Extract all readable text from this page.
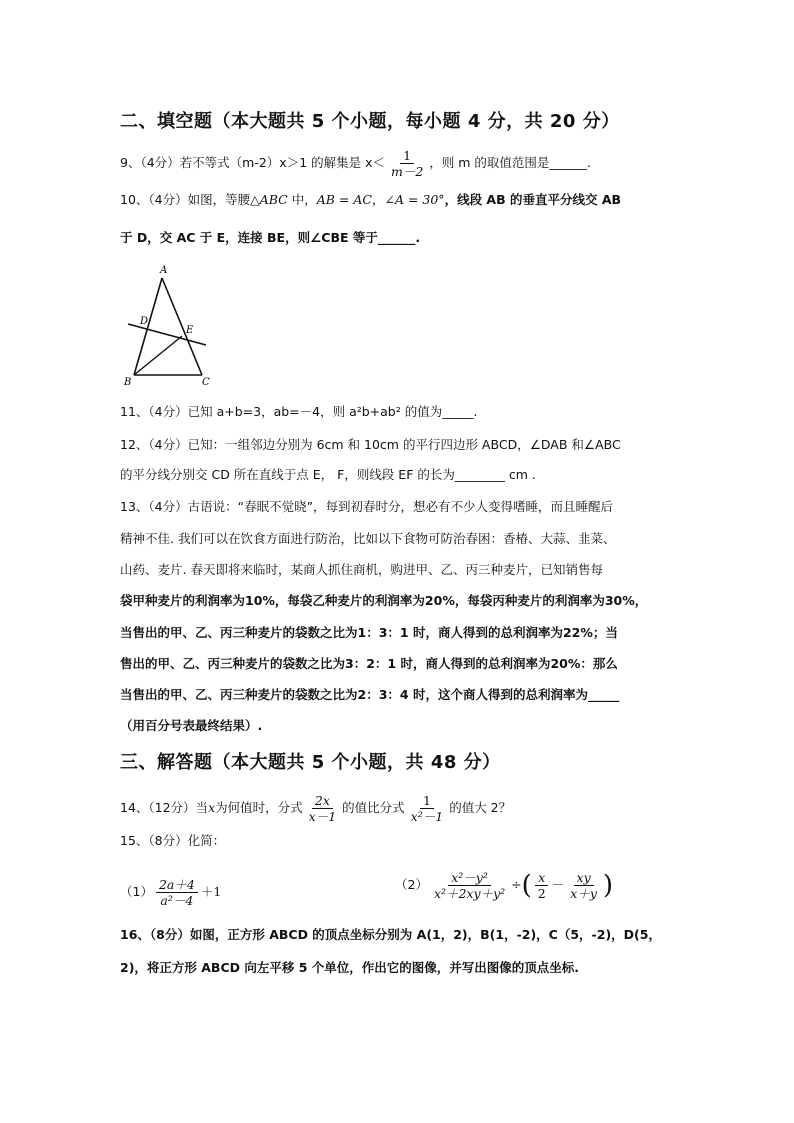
二、填空题（本大题共 5 个小题，每小题 4 分，共 20 分）
9、（4分）若不等式（m-2）x＞1 的解集是 $x< \frac{1}{m-2}$ ，则 m 的取值范围是______.
10、（4分）如图，等腰△ABC 中，AB = AC，∠A = 30°，线段 AB 的垂直平分线交 AB
于 D，交 AC 于 E，连接 BE，则∠CBE 等于______.
A
D
E
B	C
11、（4分）已知 a+b=3，ab=－4，则 a²b+ab² 的值为_____.
12、（4分）已知：一组邻边分别为 6cm 和 10cm 的平行四边形 ABCD，∠DAB 和∠ABC
的平分线分别交 CD 所在直线于点 E， F，则线段 EF 的长为________ cm .
13、（4分）古语说：“春眠不觉晓”，每到初春时分，想必有不少人变得嗜睡，而且睡醒后
精神不佳. 我们可以在饮食方面进行防治，比如以下食物可防治春困：香椿、大蒜、韭菜、
山药、麦片. 春天即将来临时，某商人抓住商机，购进甲、乙、丙三种麦片，已知销售每
袋甲种麦片的利润率为10%，每袋乙种麦片的利润率为20%，每袋丙种麦片的利润率为30%，
当售出的甲、乙、丙三种麦片的袋数之比为1：3：1 时，商人得到的总利润率为22%；当
售出的甲、乙、丙三种麦片的袋数之比为3：2：1 时，商人得到的总利润率为20%：那么
当售出的甲、乙、丙三种麦片的袋数之比为2：3：4 时，这个商人得到的总利润率为_____
（用百分号表最终结果）.
三、解答题（本大题共 5 个小题，共 48 分）
14、（12分）当x为何值时，分式 $\frac{2x}{x-1}$ 的值比分式 $\frac{1}{\text{x²－1}}$ 的值大 2？
15、（8分）化简：
$(1) \frac{2a+4}{\text{a²－4}} +1$	$(2) \frac{\text{x²－y²}}{\text{x²＋2xy＋y²}}$ ÷( $\frac{x}{2} - \frac{xy}{x+y}$ )
16、（8分）如图，正方形 ABCD 的顶点坐标分别为 A(1，2)，B(1，-2)，C（5，-2)，D(5，
2)，将正方形 ABCD 向左平移 5 个单位，作出它的图像，并写出图像的顶点坐标.
